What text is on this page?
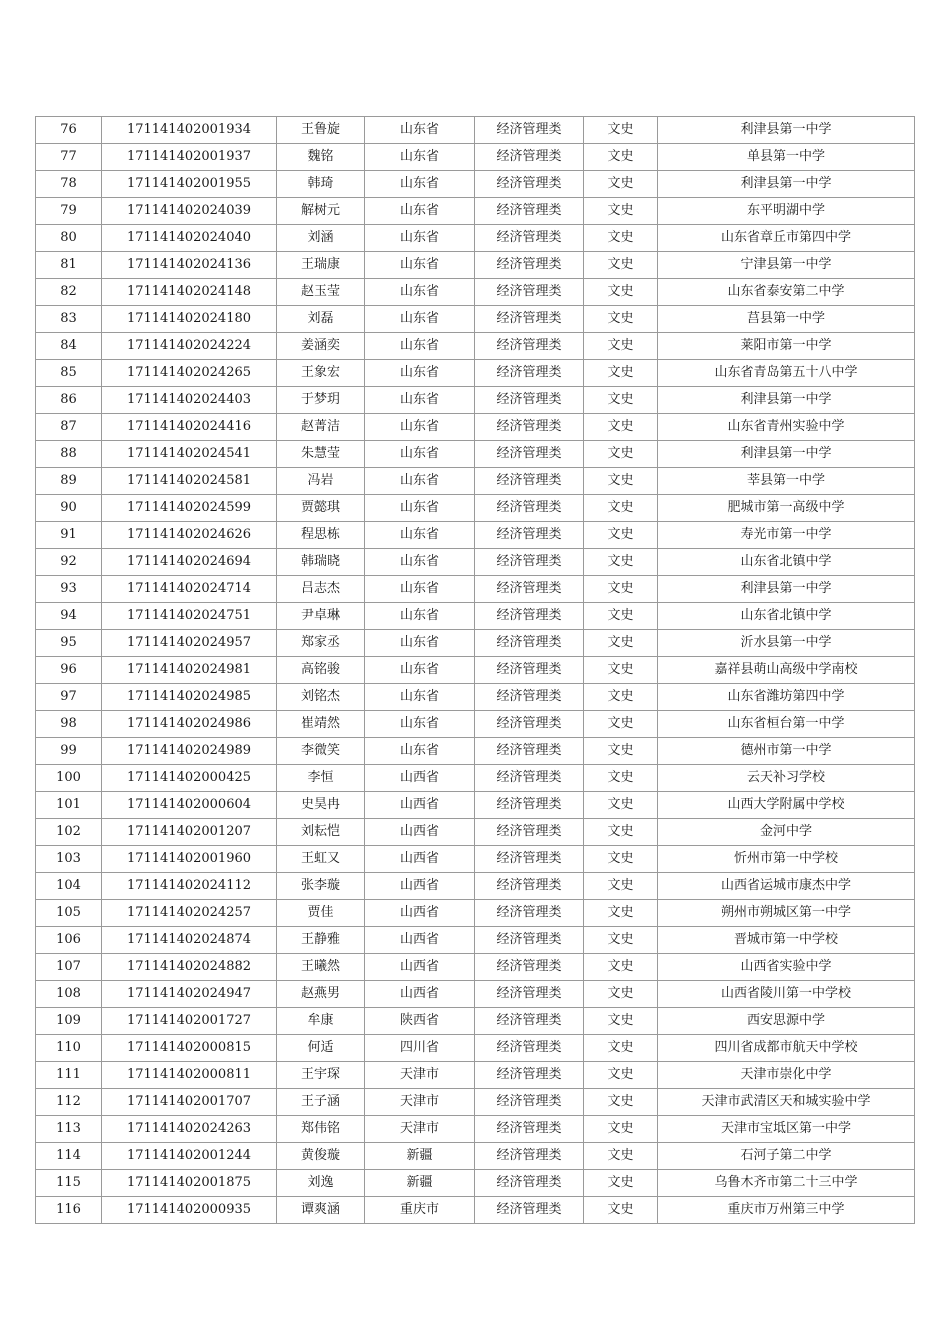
76	171141402001934	王鲁旋	山东省	经济管理类	文史	利津县第一中学
77	171141402001937	魏铭	山东省	经济管理类	文史	单县第一中学
78	171141402001955	韩琦	山东省	经济管理类	文史	利津县第一中学
79	171141402024039	解树元	山东省	经济管理类	文史	东平明湖中学
80	171141402024040	刘涵	山东省	经济管理类	文史	山东省章丘市第四中学
81	171141402024136	王瑞康	山东省	经济管理类	文史	宁津县第一中学
82	171141402024148	赵玉莹	山东省	经济管理类	文史	山东省泰安第二中学
83	171141402024180	刘磊	山东省	经济管理类	文史	莒县第一中学
84	171141402024224	姜涵奕	山东省	经济管理类	文史	莱阳市第一中学
85	171141402024265	王象宏	山东省	经济管理类	文史	山东省青岛第五十八中学
86	171141402024403	于梦玥	山东省	经济管理类	文史	利津县第一中学
87	171141402024416	赵菁洁	山东省	经济管理类	文史	山东省青州实验中学
88	171141402024541	朱慧莹	山东省	经济管理类	文史	利津县第一中学
89	171141402024581	冯岩	山东省	经济管理类	文史	莘县第一中学
90	171141402024599	贾懿琪	山东省	经济管理类	文史	肥城市第一高级中学
91	171141402024626	程思栋	山东省	经济管理类	文史	寿光市第一中学
92	171141402024694	韩瑞晓	山东省	经济管理类	文史	山东省北镇中学
93	171141402024714	吕志杰	山东省	经济管理类	文史	利津县第一中学
94	171141402024751	尹卓琳	山东省	经济管理类	文史	山东省北镇中学
95	171141402024957	郑家丞	山东省	经济管理类	文史	沂水县第一中学
96	171141402024981	高铭骏	山东省	经济管理类	文史	嘉祥县萌山高级中学南校
97	171141402024985	刘铭杰	山东省	经济管理类	文史	山东省潍坊第四中学
98	171141402024986	崔靖然	山东省	经济管理类	文史	山东省桓台第一中学
99	171141402024989	李微笑	山东省	经济管理类	文史	德州市第一中学
100	171141402000425	李恒	山西省	经济管理类	文史	云天补习学校
101	171141402000604	史昊冉	山西省	经济管理类	文史	山西大学附属中学校
102	171141402001207	刘耘恺	山西省	经济管理类	文史	金河中学
103	171141402001960	王虹又	山西省	经济管理类	文史	忻州市第一中学校
104	171141402024112	张李璇	山西省	经济管理类	文史	山西省运城市康杰中学
105	171141402024257	贾佳	山西省	经济管理类	文史	朔州市朔城区第一中学
106	171141402024874	王静雅	山西省	经济管理类	文史	晋城市第一中学校
107	171141402024882	王曦然	山西省	经济管理类	文史	山西省实验中学
108	171141402024947	赵燕男	山西省	经济管理类	文史	山西省陵川第一中学校
109	171141402001727	牟康	陕西省	经济管理类	文史	西安思源中学
110	171141402000815	何适	四川省	经济管理类	文史	四川省成都市航天中学校
111	171141402000811	王宇琛	天津市	经济管理类	文史	天津市崇化中学
112	171141402001707	王子涵	天津市	经济管理类	文史	天津市武清区天和城实验中学
113	171141402024263	郑伟铭	天津市	经济管理类	文史	天津市宝坻区第一中学
114	171141402001244	黄俊璇	新疆	经济管理类	文史	石河子第二中学
115	171141402001875	刘逸	新疆	经济管理类	文史	乌鲁木齐市第二十三中学
116	171141402000935	谭爽涵	重庆市	经济管理类	文史	重庆市万州第三中学
